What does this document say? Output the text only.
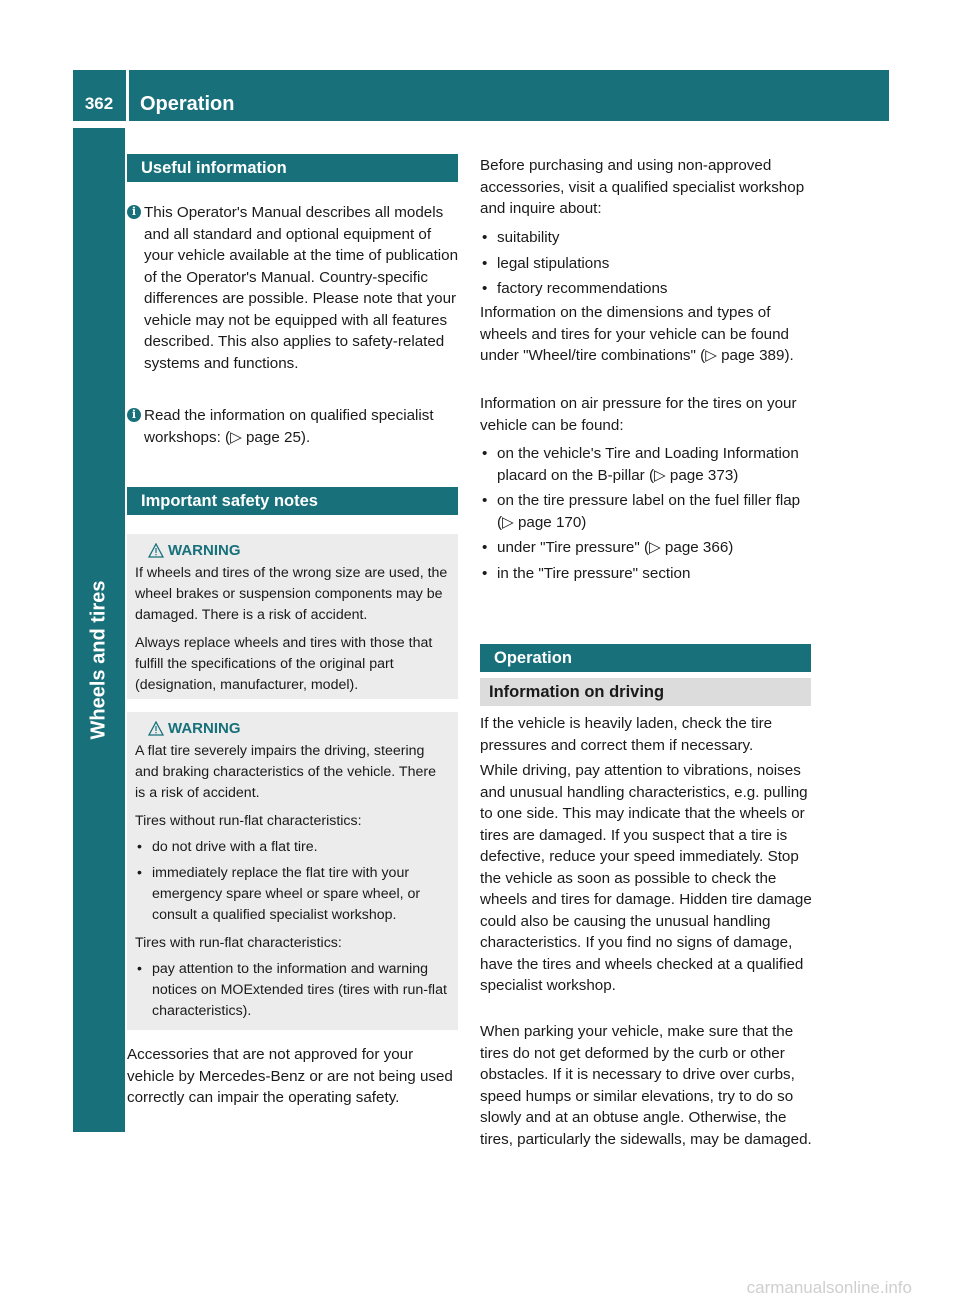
362	Operation
Wheels and tires
Useful information
i This Operator's Manual describes all models and all standard and optional equipment of your vehicle available at the time of publication of the Operator's Manual. Country-specific differences are possible. Please note that your vehicle may not be equipped with all features described. This also applies to safety-related systems and functions.
i Read the information on qualified specialist workshops: (▷ page 25).
Important safety notes
WARNING

If wheels and tires of the wrong size are used, the wheel brakes or suspension components may be damaged. There is a risk of accident.

Always replace wheels and tires with those that fulfill the specifications of the original part (designation, manufacturer, model).

WARNING

A flat tire severely impairs the driving, steering and braking characteristics of the vehicle. There is a risk of accident.

Tires without run-flat characteristics:

• do not drive with a flat tire.
• immediately replace the flat tire with your emergency spare wheel or spare wheel, or consult a qualified specialist workshop.

Tires with run-flat characteristics:

• pay attention to the information and warning notices on MOExtended tires (tires with run-flat characteristics).
Accessories that are not approved for your vehicle by Mercedes-Benz or are not being used correctly can impair the operating safety.
Before purchasing and using non-approved accessories, visit a qualified specialist workshop and inquire about:
• suitability
• legal stipulations
• factory recommendations
Information on the dimensions and types of wheels and tires for your vehicle can be found under "Wheel/tire combinations" (▷ page 389).
Information on air pressure for the tires on your vehicle can be found:
• on the vehicle's Tire and Loading Information placard on the B-pillar (▷ page 373)
• on the tire pressure label on the fuel filler flap (▷ page 170)
• under "Tire pressure" (▷ page 366)
• in the "Tire pressure" section
Operation
Information on driving
If the vehicle is heavily laden, check the tire pressures and correct them if necessary.
While driving, pay attention to vibrations, noises and unusual handling characteristics, e.g. pulling to one side. This may indicate that the wheels or tires are damaged. If you suspect that a tire is defective, reduce your speed immediately. Stop the vehicle as soon as possible to check the wheels and tires for damage. Hidden tire damage could also be causing the unusual handling characteristics. If you find no signs of damage, have the tires and wheels checked at a qualified specialist workshop.
When parking your vehicle, make sure that the tires do not get deformed by the curb or other obstacles. If it is necessary to drive over curbs, speed humps or similar elevations, try to do so slowly and at an obtuse angle. Otherwise, the tires, particularly the sidewalls, may be damaged.
carmanualsonline.info
